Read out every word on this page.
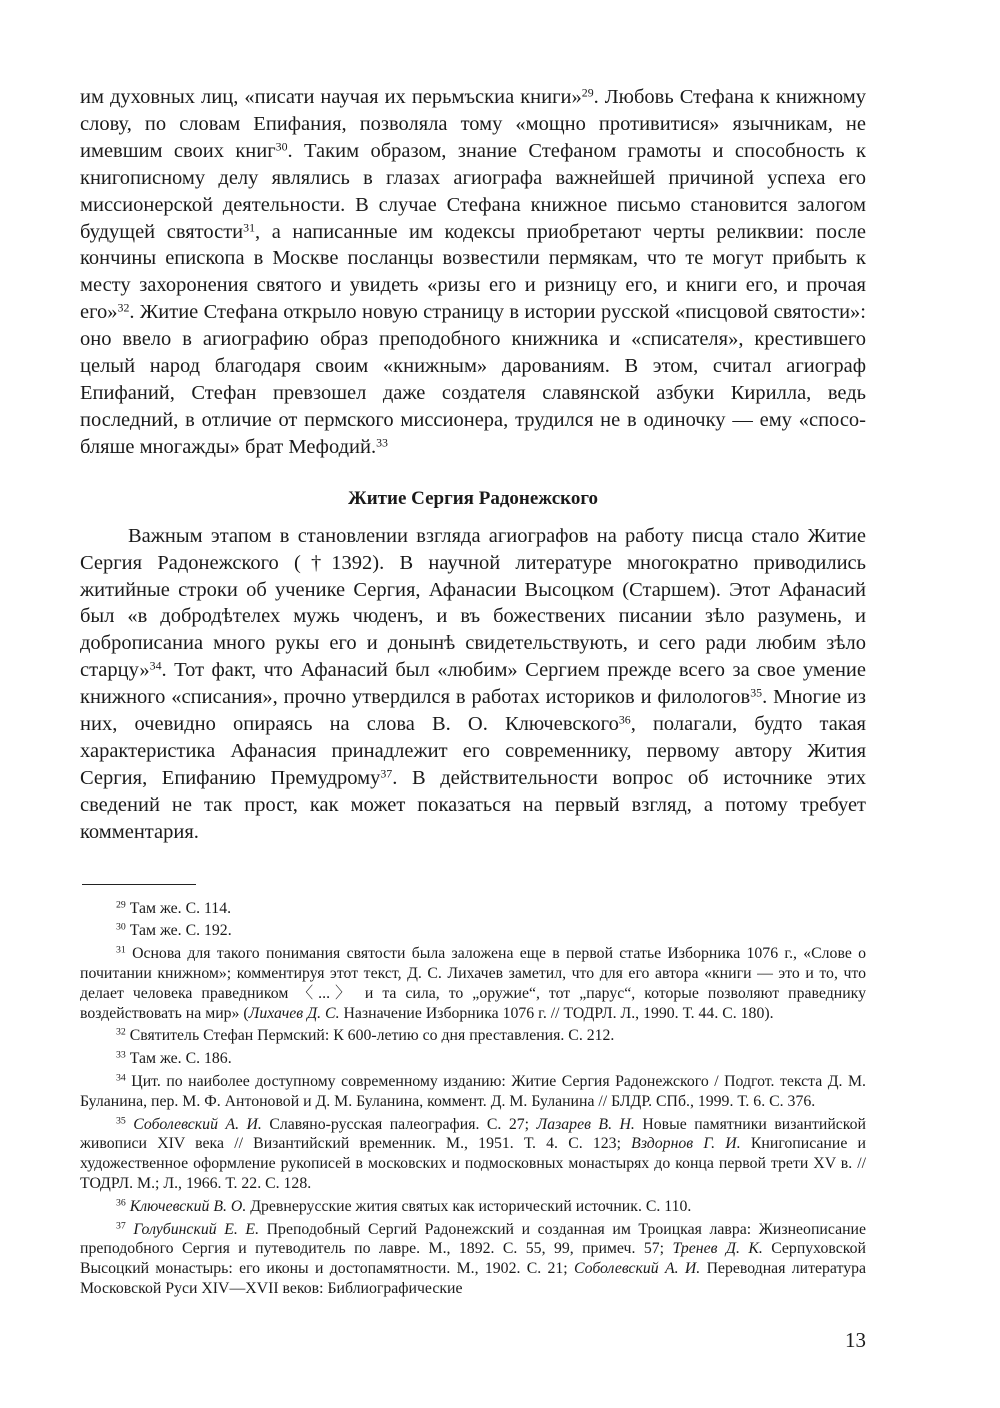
им духовных лиц, «писати научая их перьмъскиа книги»$^{29}$. Любовь Стефана к книжному слову, по словам Епифания, позволяла тому «мощно противитися» язычникам, не имевшим своих книг$^{30}$. Таким образом, знание Стефаном грамоты и способность к книгописному делу являлись в глазах агиографа важнейшей причиной успеха его миссионерской деятельности. В случае Стефана книжное письмо становится залогом будущей святости$^{31}$, а написанные им кодексы приобретают черты реликвии: после кончины епископа в Москве посланцы возвестили пермякам, что те могут прибыть к месту захоронения святого и увидеть «ризы его и ризницу его, и книги его, и прочая его»$^{32}$. Житие Стефана открыло новую страницу в истории русской «писцовой святости»: оно ввело в агиографию образ преподобного книжника и «списателя», крестившего целый народ благодаря своим «книжным» дарованиям. В этом, считал агиограф Епифаний, Стефан превзошел даже создателя славянской азбуки Кирилла, ведь последний, в отличие от пермского миссионера, трудился не в одиночку — ему «способляше многажды» брат Мефодий.$^{33}$

Житие Сергия Радонежского

Важным этапом в становлении взгляда агиографов на работу писца стало Житие Сергия Радонежского (†1392). В научной литературе многократно приводились житийные строки об ученике Сергия, Афанасии Высоцком (Старшем). Этот Афанасий был «в добродѣтелех мужь чюденъ, и въ божествених писании зѣло разумень, и доброписаниа много рукы его и донынѣ свидетельствують, и сего ради любим зѣло старцу»$^{34}$. Тот факт, что Афанасий был «любим» Сергием прежде всего за свое умение книжного «списания», прочно утвердился в работах историков и филологов$^{35}$. Многие из них, очевидно опираясь на слова В. О. Ключевского$^{36}$, полагали, будто такая характеристика Афанасия принадлежит его современнику, первому автору Жития Сергия, Епифанию Премудрому$^{37}$. В действительности вопрос об источнике этих сведений не так прост, как может показаться на первый взгляд, а потому требует комментария.

$^{29}$ Там же. С. 114.

$^{30}$ Там же. С. 192.

$^{31}$ Основа для такого понимания святости была заложена еще в первой статье Изборника 1076 г., «Слове о почитании книжном»; комментируя этот текст, Д. С. Лихачев заметил, что для его автора «книги — это и то, что делает человека праведником 〈...〉 и та сила, то „оружие“, тот „парус“, которые позволяют праведнику воздействовать на мир» (Лихачев Д. С. Назначение Изборника 1076 г. // ТОДРЛ. Л., 1990. Т. 44. С. 180).

$^{32}$ Святитель Стефан Пермский: К 600-летию со дня преставления. С. 212.

$^{33}$ Там же. С. 186.

$^{34}$ Цит. по наиболее доступному современному изданию: Житие Сергия Радонежского / Подгот. текста Д. М. Буланина, пер. М. Ф. Антоновой и Д. М. Буланина, коммент. Д. М. Буланина // БЛДР. СПб., 1999. Т. 6. С. 376.

$^{35}$ Соболевский А. И. Славяно-русская палеография. С. 27; Лазарев В. Н. Новые памятники византийской живописи XIV века // Византийский временник. М., 1951. Т. 4. С. 123; Вздорнов Г. И. Книгописание и художественное оформление рукописей в московских и подмосковных монастырях до конца первой трети XV в. // ТОДРЛ. М.; Л., 1966. Т. 22. С. 128.

$^{36}$ Ключевский В. О. Древнерусские жития святых как исторический источник. С. 110.

$^{37}$ Голубинский Е. Е. Преподобный Сергий Радонежский и созданная им Троицкая лавра: Жизнеописание преподобного Сергия и путеводитель по лавре. М., 1892. С. 55, 99, примеч. 57; Тренев Д. К. Серпуховской Высоцкий монастырь: его иконы и достопамятности. М., 1902. С. 21; Соболевский А. И. Переводная литература Московской Руси XIV—XVII веков: Библиографические

13
